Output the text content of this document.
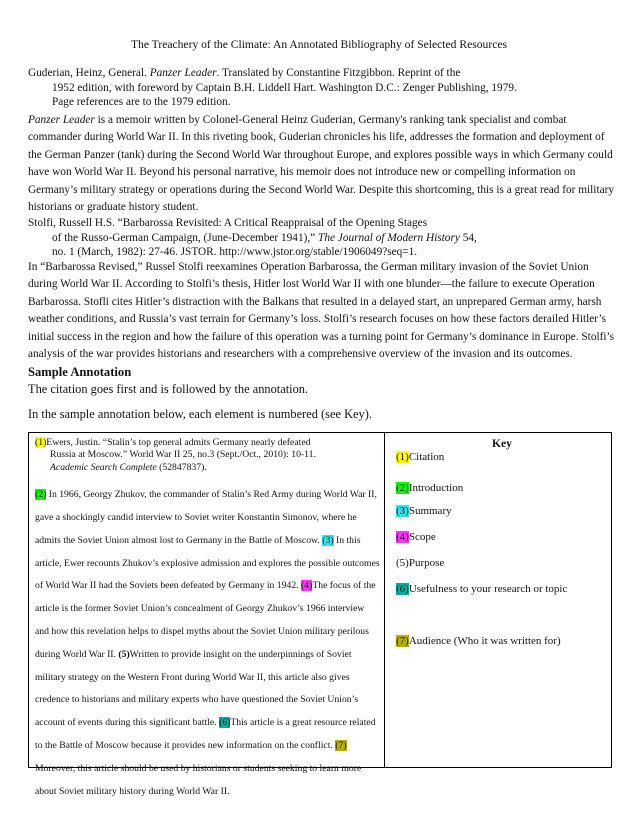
The Treachery of the Climate: An Annotated Bibliography of Selected Resources
Guderian, Heinz, General. Panzer Leader. Translated by Constantine Fitzgibbon. Reprint of the
1952 edition, with foreword by Captain B.H. Liddell Hart. Washington D.C.: Zenger Publishing, 1979.
Page references are to the 1979 edition.
Panzer Leader is a memoir written by Colonel-General Heinz Guderian, Germany's ranking tank specialist and combat commander during World War II. In this riveting book, Guderian chronicles his life, addresses the formation and deployment of the German Panzer (tank) during the Second World War throughout Europe, and explores possible ways in which Germany could have won World War II. Beyond his personal narrative, his memoir does not introduce new or compelling information on Germany’s military strategy or operations during the Second World War. Despite this shortcoming, this is a great read for military historians or graduate history student.
Stolfi, Russell H.S. “Barbarossa Revisited: A Critical Reappraisal of the Opening Stages
of the Russo-German Campaign, (June-December 1941),” The Journal of Modern History 54,
no. 1 (March, 1982): 27-46. JSTOR. http://www.jstor.org/stable/1906049?seq=1.
In “Barbarossa Revised,” Russel Stolfi reexamines Operation Barbarossa, the German military invasion of the Soviet Union during World War II. According to Stolfi’s thesis, Hitler lost World War II with one blunder—the failure to execute Operation Barbarossa. Stofli cites Hitler’s distraction with the Balkans that resulted in a delayed start, an unprepared German army, harsh weather conditions, and Russia’s vast terrain for Germany’s loss. Stolfi’s research focuses on how these factors derailed Hitler’s initial success in the region and how the failure of this operation was a turning point for Germany’s dominance in Europe. Stolfi’s analysis of the war provides historians and researchers with a comprehensive overview of the invasion and its outcomes.
Sample Annotation
The citation goes first and is followed by the annotation.
In the sample annotation below, each element is numbered (see Key).
(1)Ewers, Justin. “Stalin’s top general admits Germany nearly defeated
Russia at Moscow.” World War II 25, no.3 (Sept./Oct., 2010): 10-11.
Academic Search Complete (52847837).
(2) In 1966, Georgy Zhukov, the commander of Stalin’s Red Army during World War II, gave a shockingly candid interview to Soviet writer Konstantin Simonov, where he admits the Soviet Union almost lost to Germany in the Battle of Moscow. (3) In this article, Ewer recounts Zhukov’s explosive admission and explores the possible outcomes of World War II had the Soviets been defeated by Germany in 1942. (4)The focus of the article is the former Soviet Union’s concealment of Georgy Zhukov’s 1966 interview and how this revelation helps to dispel myths about the Soviet Union military perilous during World War II. (5)Written to provide insight on the underpinnings of Soviet military strategy on the Western Front during World War II, this article also gives credence to historians and military experts who have questioned the Soviet Union’s account of events during this significant battle. (6)This article is a great resource related to the Battle of Moscow because it provides new information on the conflict. (7) Moreover, this article should be used by historians or students seeking to learn more about Soviet military history during World War II.
Key
(1)Citation
(2)Introduction
(3)Summary
(4)Scope
(5)Purpose
(6)Usefulness to your research or topic
(7)Audience (Who it was written for)
